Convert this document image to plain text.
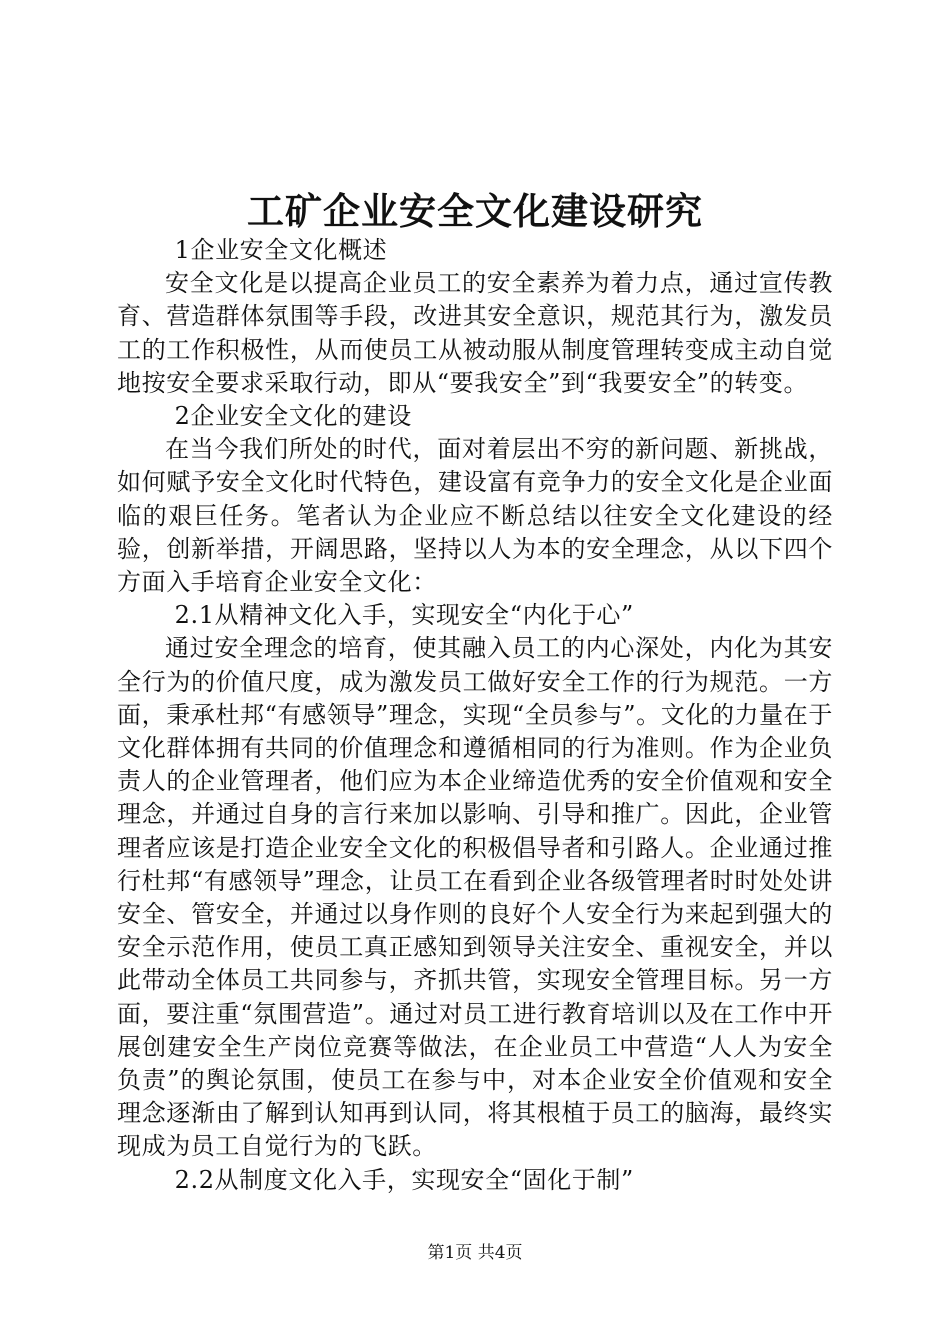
工矿企业安全文化建设研究

1企业安全文化概述

安全文化是以提高企业员工的安全素养为着力点，通过宣传教育、营造群体氛围等手段，改进其安全意识，规范其行为，激发员工的工作积极性，从而使员工从被动服从制度管理转变成主动自觉地按安全要求采取行动，即从“要我安全”到“我要安全”的转变。

2企业安全文化的建设

在当今我们所处的时代，面对着层出不穷的新问题、新挑战，如何赋予安全文化时代特色，建设富有竞争力的安全文化是企业面临的艰巨任务。笔者认为企业应不断总结以往安全文化建设的经验，创新举措，开阔思路，坚持以人为本的安全理念，从以下四个方面入手培育企业安全文化：

2.1从精神文化入手，实现安全“内化于心”

通过安全理念的培育，使其融入员工的内心深处，内化为其安全行为的价值尺度，成为激发员工做好安全工作的行为规范。一方面，秉承杜邦“有感领导”理念，实现“全员参与”。文化的力量在于文化群体拥有共同的价值理念和遵循相同的行为准则。作为企业负责人的企业管理者，他们应为本企业缔造优秀的安全价值观和安全理念，并通过自身的言行来加以影响、引导和推广。因此，企业管理者应该是打造企业安全文化的积极倡导者和引路人。企业通过推行杜邦“有感领导”理念，让员工在看到企业各级管理者时时处处讲安全、管安全，并通过以身作则的良好个人安全行为来起到强大的安全示范作用，使员工真正感知到领导关注安全、重视安全，并以此带动全体员工共同参与，齐抓共管，实现安全管理目标。另一方面，要注重“氛围营造”。通过对员工进行教育培训以及在工作中开展创建安全生产岗位竞赛等做法，在企业员工中营造“人人为安全负责”的舆论氛围，使员工在参与中，对本企业安全价值观和安全理念逐渐由了解到认知再到认同，将其根植于员工的脑海，最终实现成为员工自觉行为的飞跃。

2.2从制度文化入手，实现安全“固化于制”

第1页 共4页
